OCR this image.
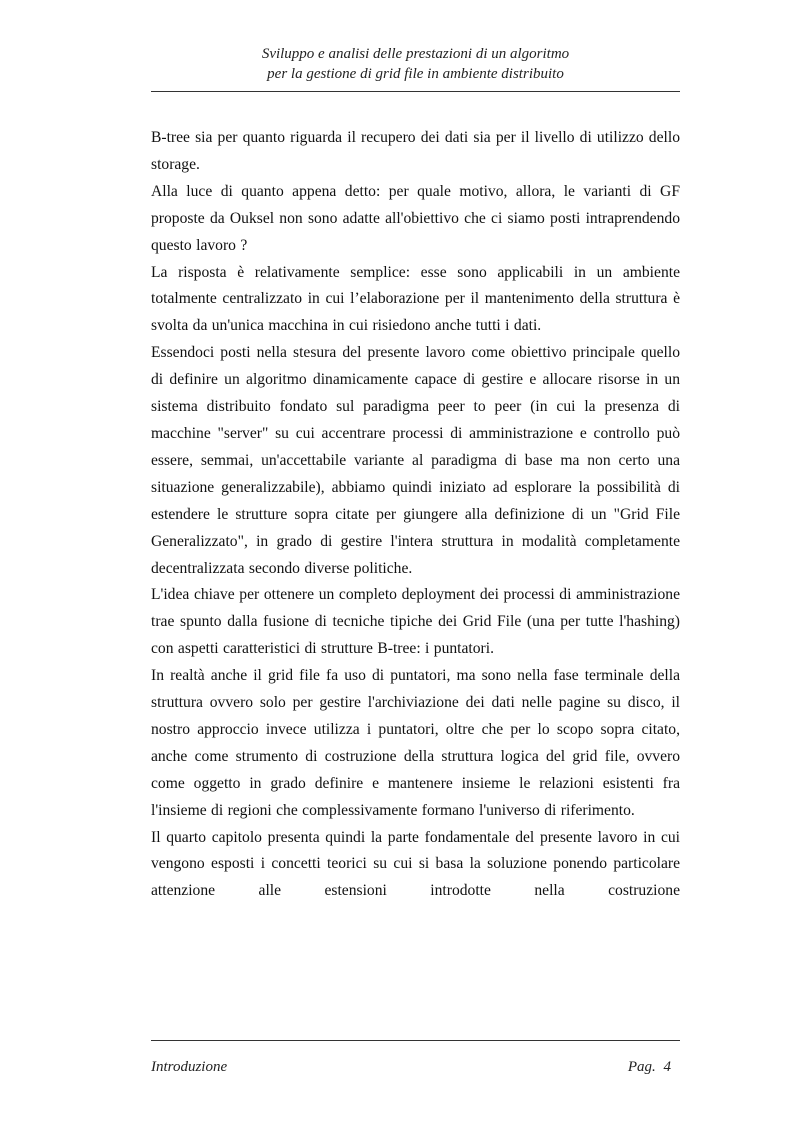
Sviluppo e analisi delle prestazioni di un algoritmo
per la gestione di grid file in ambiente distribuito

B-tree sia per quanto riguarda il recupero dei dati sia per il livello di utilizzo dello storage.

Alla luce di quanto appena detto: per quale motivo, allora, le varianti di GF proposte da Ouksel non sono adatte all'obiettivo che ci siamo posti intraprendendo questo lavoro ?

La risposta è relativamente semplice: esse sono applicabili in un ambiente totalmente centralizzato in cui l’elaborazione per il mantenimento della struttura è svolta da un'unica macchina in cui risiedono anche tutti i dati.

Essendoci posti nella stesura del presente lavoro come obiettivo principale quello di definire un algoritmo dinamicamente capace di gestire e allocare risorse in un sistema distribuito fondato sul paradigma peer to peer (in cui la presenza di macchine "server" su cui accentrare processi di amministrazione e controllo può essere, semmai, un'accettabile variante al paradigma di base ma non certo una situazione generalizzabile), abbiamo quindi iniziato ad esplorare la possibilità di estendere le strutture sopra citate per giungere alla definizione di un "Grid File Generalizzato", in grado di gestire l'intera struttura in modalità completamente decentralizzata secondo diverse politiche.

L'idea chiave per ottenere un completo deployment dei processi di amministrazione trae spunto dalla fusione di tecniche tipiche dei Grid File (una per tutte l'hashing) con aspetti caratteristici di strutture B-tree: i puntatori.

In realtà anche il grid file fa uso di puntatori, ma sono nella fase terminale della struttura ovvero solo per gestire l'archiviazione dei dati nelle pagine su disco, il nostro approccio invece utilizza i puntatori, oltre che per lo scopo sopra citato, anche come strumento di costruzione della struttura logica del grid file, ovvero come oggetto in grado definire e mantenere insieme le relazioni esistenti fra l'insieme di regioni che complessivamente formano l'universo di riferimento.

Il quarto capitolo presenta quindi la parte fondamentale del presente lavoro in cui vengono esposti i concetti teorici su cui si basa la soluzione ponendo particolare attenzione alle estensioni introdotte nella costruzione

Introduzione	Pag. 4
